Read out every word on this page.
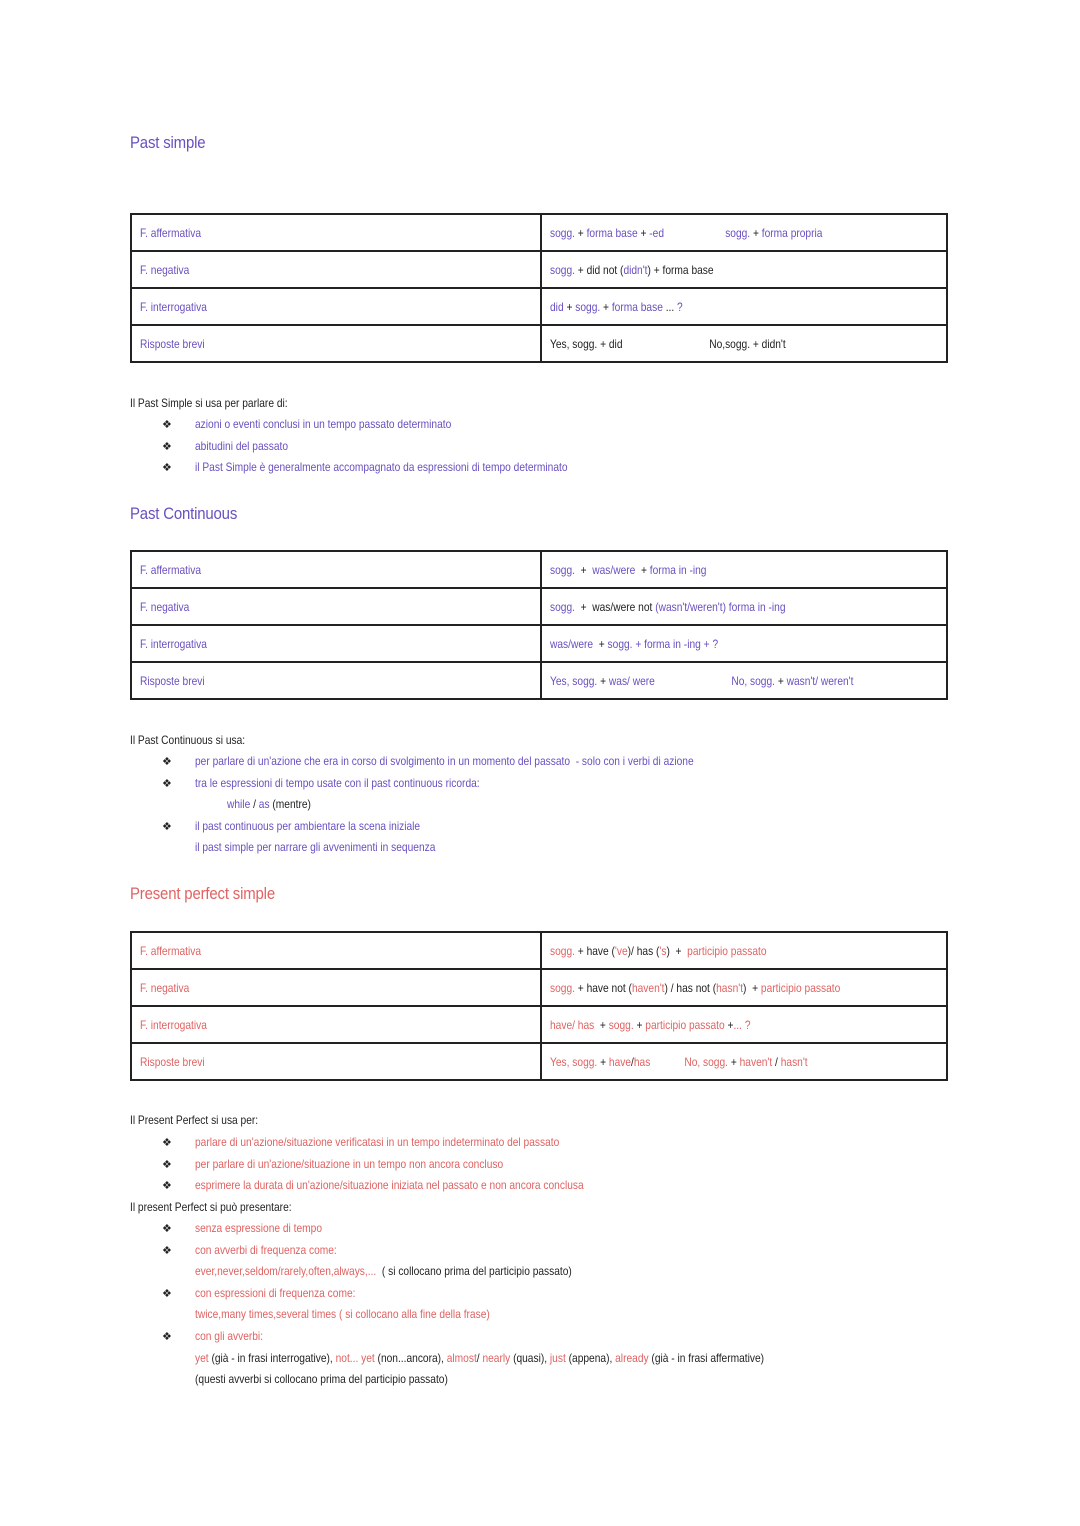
Past simple
F. affermativa	sogg. + forma base + -ed sogg. + forma propria
F. negativa	sogg. + did not (didn't) + forma base
F. interrogativa	did + sogg. + forma base ... ?
Risposte brevi	Yes, sogg. + did No,sogg. + didn't
Il Past Simple si usa per parlare di:
❖ azioni o eventi conclusi in un tempo passato determinato
❖ abitudini del passato
❖ il Past Simple è generalmente accompagnato da espressioni di tempo determinato
Past Continuous
F. affermativa	sogg.  +  was/were  + forma in -ing
F. negativa	sogg.  +  was/were not (wasn't/weren't) forma in -ing
F. interrogativa	was/were  + sogg. + forma in -ing + ?
Risposte brevi	Yes, sogg. + was/ were No, sogg. + wasn't/ weren't
Il Past Continuous si usa:
❖ per parlare di un'azione che era in corso di svolgimento in un momento del passato  - solo con i verbi di azione
❖ tra le espressioni di tempo usate con il past continuous ricorda:
while / as (mentre)
❖ il past continuous per ambientare la scena iniziale
il past simple per narrare gli avvenimenti in sequenza
Present perfect simple
F. affermativa	sogg. + have ('ve)/ has ('s)  +  participio passato
F. negativa	sogg. + have not (haven't) / has not (hasn't)  + participio passato
F. interrogativa	have/ has  + sogg. + participio passato +... ?
Risposte brevi	Yes, sogg. + have/has No, sogg. + haven't / hasn't
Il Present Perfect si usa per:
❖ parlare di un'azione/situazione verificatasi in un tempo indeterminato del passato
❖ per parlare di un'azione/situazione in un tempo non ancora concluso
❖ esprimere la durata di un'azione/situazione iniziata nel passato e non ancora conclusa
Il present Perfect si può presentare:
❖ senza espressione di tempo
❖ con avverbi di frequenza come:
ever,never,seldom/rarely,often,always,...  ( si collocano prima del participio passato)
❖ con espressioni di frequenza come:
twice,many times,several times ( si collocano alla fine della frase)
❖ con gli avverbi:
yet (già - in frasi interrogative), not... yet (non...ancora), almost/ nearly (quasi), just (appena), already (già - in frasi affermative)
(questi avverbi si collocano prima del participio passato)
